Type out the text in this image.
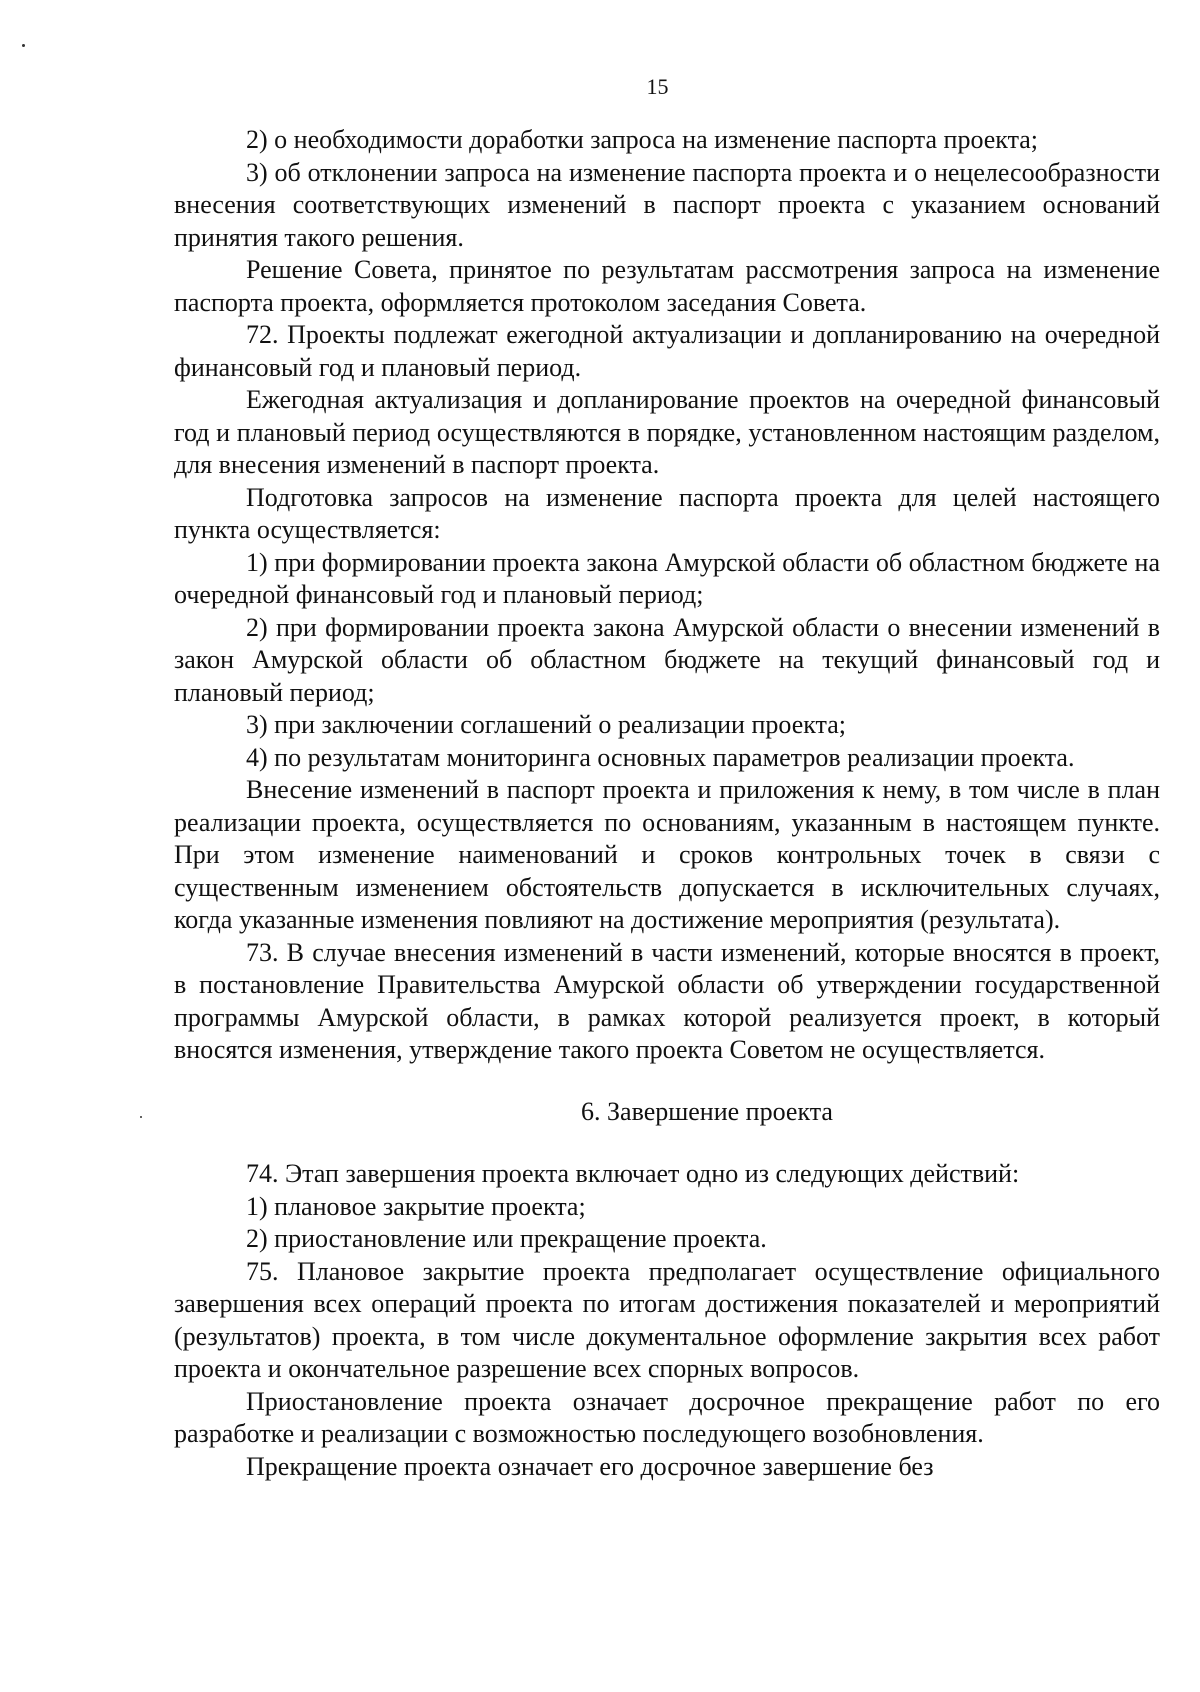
15

2) о необходимости доработки запроса на изменение паспорта проекта;

3) об отклонении запроса на изменение паспорта проекта и о нецелесообразности внесения соответствующих изменений в паспорт проекта с указанием оснований принятия такого решения.

Решение Совета, принятое по результатам рассмотрения запроса на изменение паспорта проекта, оформляется протоколом заседания Совета.

72. Проекты подлежат ежегодной актуализации и допланированию на очередной финансовый год и плановый период.

Ежегодная актуализация и допланирование проектов на очередной финансовый год и плановый период осуществляются в порядке, установленном настоящим разделом, для внесения изменений в паспорт проекта.

Подготовка запросов на изменение паспорта проекта для целей настоящего пункта осуществляется:

1) при формировании проекта закона Амурской области об областном бюджете на очередной финансовый год и плановый период;

2) при формировании проекта закона Амурской области о внесении изменений в закон Амурской области об областном бюджете на текущий финансовый год и плановый период;

3) при заключении соглашений о реализации проекта;

4) по результатам мониторинга основных параметров реализации проекта.

Внесение изменений в паспорт проекта и приложения к нему, в том числе в план реализации проекта, осуществляется по основаниям, указанным в настоящем пункте. При этом изменение наименований и сроков контрольных точек в связи с существенным изменением обстоятельств допускается в исключительных случаях, когда указанные изменения повлияют на достижение мероприятия (результата).

73. В случае внесения изменений в части изменений, которые вносятся в проект, в постановление Правительства Амурской области об утверждении государственной программы Амурской области, в рамках которой реализуется проект, в который вносятся изменения, утверждение такого проекта Советом не осуществляется.

6. Завершение проекта

74. Этап завершения проекта включает одно из следующих действий:

1) плановое закрытие проекта;

2) приостановление или прекращение проекта.

75. Плановое закрытие проекта предполагает осуществление официального завершения всех операций проекта по итогам достижения показателей и мероприятий (результатов) проекта, в том числе документальное оформление закрытия всех работ проекта и окончательное разрешение всех спорных вопросов.

Приостановление проекта означает досрочное прекращение работ по его разработке и реализации с возможностью последующего возобновления.

Прекращение проекта означает его досрочное завершение без
